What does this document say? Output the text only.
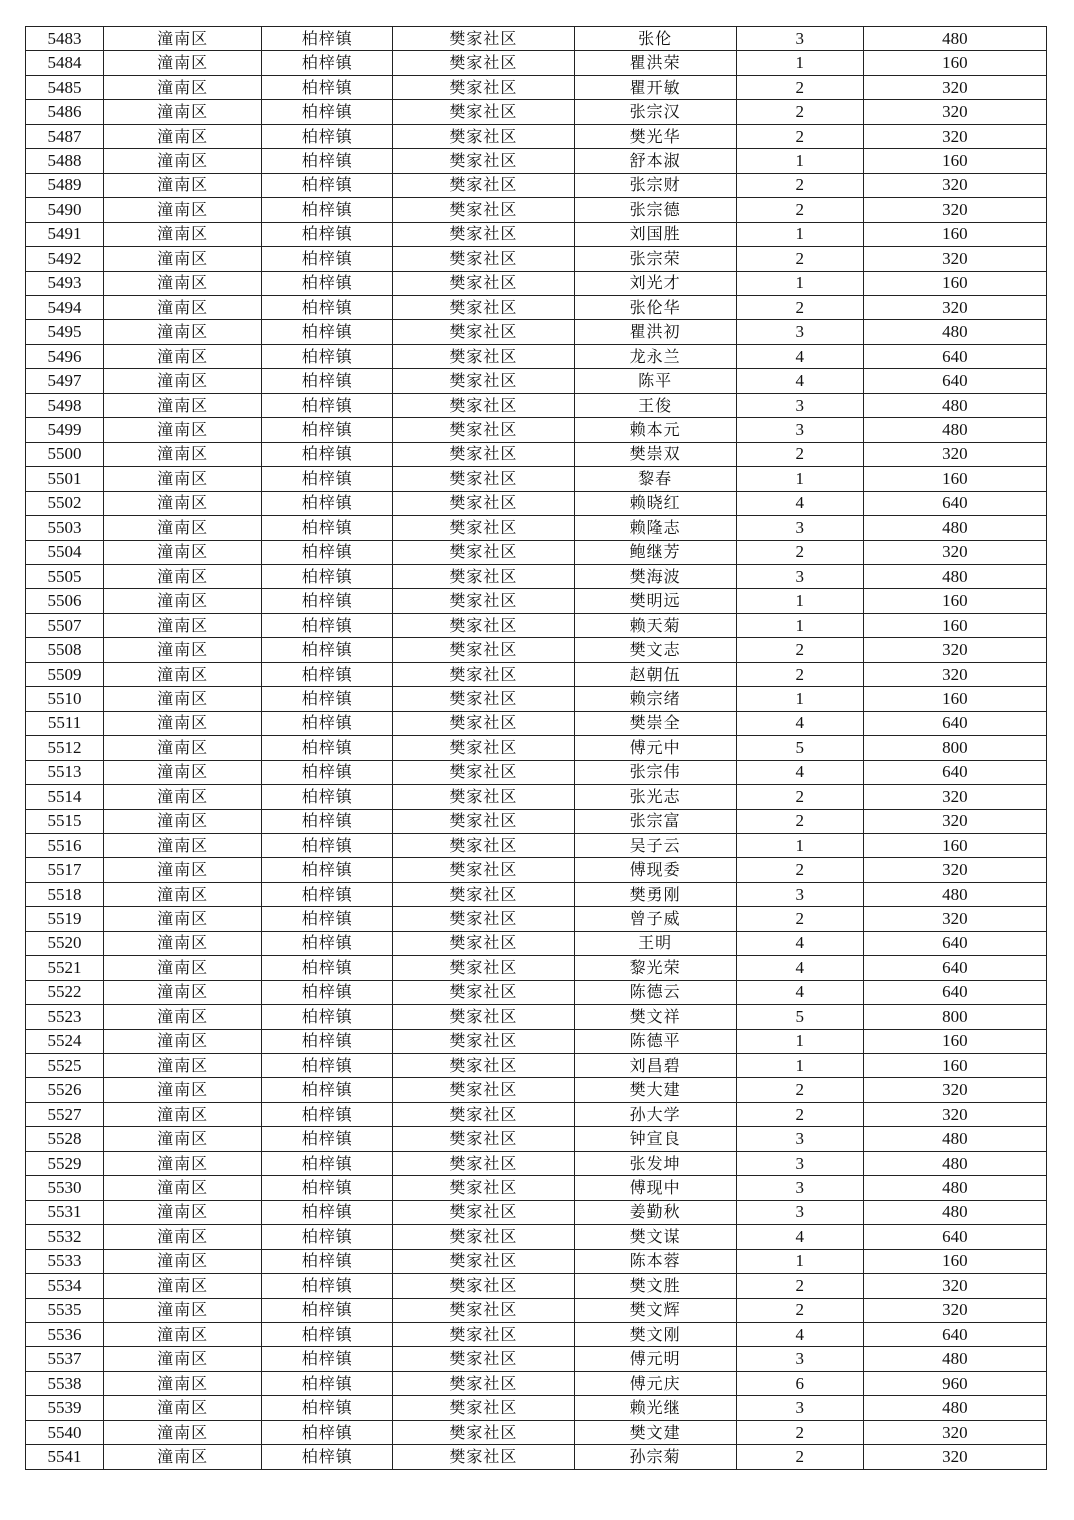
5483	潼南区	柏梓镇	樊家社区	张伦	3	480
5484	潼南区	柏梓镇	樊家社区	瞿洪荣	1	160
5485	潼南区	柏梓镇	樊家社区	瞿开敏	2	320
5486	潼南区	柏梓镇	樊家社区	张宗汉	2	320
5487	潼南区	柏梓镇	樊家社区	樊光华	2	320
5488	潼南区	柏梓镇	樊家社区	舒本淑	1	160
5489	潼南区	柏梓镇	樊家社区	张宗财	2	320
5490	潼南区	柏梓镇	樊家社区	张宗德	2	320
5491	潼南区	柏梓镇	樊家社区	刘国胜	1	160
5492	潼南区	柏梓镇	樊家社区	张宗荣	2	320
5493	潼南区	柏梓镇	樊家社区	刘光才	1	160
5494	潼南区	柏梓镇	樊家社区	张伦华	2	320
5495	潼南区	柏梓镇	樊家社区	瞿洪初	3	480
5496	潼南区	柏梓镇	樊家社区	龙永兰	4	640
5497	潼南区	柏梓镇	樊家社区	陈平	4	640
5498	潼南区	柏梓镇	樊家社区	王俊	3	480
5499	潼南区	柏梓镇	樊家社区	赖本元	3	480
5500	潼南区	柏梓镇	樊家社区	樊崇双	2	320
5501	潼南区	柏梓镇	樊家社区	黎春	1	160
5502	潼南区	柏梓镇	樊家社区	赖晓红	4	640
5503	潼南区	柏梓镇	樊家社区	赖隆志	3	480
5504	潼南区	柏梓镇	樊家社区	鲍继芳	2	320
5505	潼南区	柏梓镇	樊家社区	樊海波	3	480
5506	潼南区	柏梓镇	樊家社区	樊明远	1	160
5507	潼南区	柏梓镇	樊家社区	赖天菊	1	160
5508	潼南区	柏梓镇	樊家社区	樊文志	2	320
5509	潼南区	柏梓镇	樊家社区	赵朝伍	2	320
5510	潼南区	柏梓镇	樊家社区	赖宗绪	1	160
5511	潼南区	柏梓镇	樊家社区	樊崇全	4	640
5512	潼南区	柏梓镇	樊家社区	傅元中	5	800
5513	潼南区	柏梓镇	樊家社区	张宗伟	4	640
5514	潼南区	柏梓镇	樊家社区	张光志	2	320
5515	潼南区	柏梓镇	樊家社区	张宗富	2	320
5516	潼南区	柏梓镇	樊家社区	吴子云	1	160
5517	潼南区	柏梓镇	樊家社区	傅现委	2	320
5518	潼南区	柏梓镇	樊家社区	樊勇刚	3	480
5519	潼南区	柏梓镇	樊家社区	曾子威	2	320
5520	潼南区	柏梓镇	樊家社区	王明	4	640
5521	潼南区	柏梓镇	樊家社区	黎光荣	4	640
5522	潼南区	柏梓镇	樊家社区	陈德云	4	640
5523	潼南区	柏梓镇	樊家社区	樊文祥	5	800
5524	潼南区	柏梓镇	樊家社区	陈德平	1	160
5525	潼南区	柏梓镇	樊家社区	刘昌碧	1	160
5526	潼南区	柏梓镇	樊家社区	樊大建	2	320
5527	潼南区	柏梓镇	樊家社区	孙大学	2	320
5528	潼南区	柏梓镇	樊家社区	钟宣良	3	480
5529	潼南区	柏梓镇	樊家社区	张发坤	3	480
5530	潼南区	柏梓镇	樊家社区	傅现中	3	480
5531	潼南区	柏梓镇	樊家社区	姜勤秋	3	480
5532	潼南区	柏梓镇	樊家社区	樊文谋	4	640
5533	潼南区	柏梓镇	樊家社区	陈本蓉	1	160
5534	潼南区	柏梓镇	樊家社区	樊文胜	2	320
5535	潼南区	柏梓镇	樊家社区	樊文辉	2	320
5536	潼南区	柏梓镇	樊家社区	樊文刚	4	640
5537	潼南区	柏梓镇	樊家社区	傅元明	3	480
5538	潼南区	柏梓镇	樊家社区	傅元庆	6	960
5539	潼南区	柏梓镇	樊家社区	赖光继	3	480
5540	潼南区	柏梓镇	樊家社区	樊文建	2	320
5541	潼南区	柏梓镇	樊家社区	孙宗菊	2	320
